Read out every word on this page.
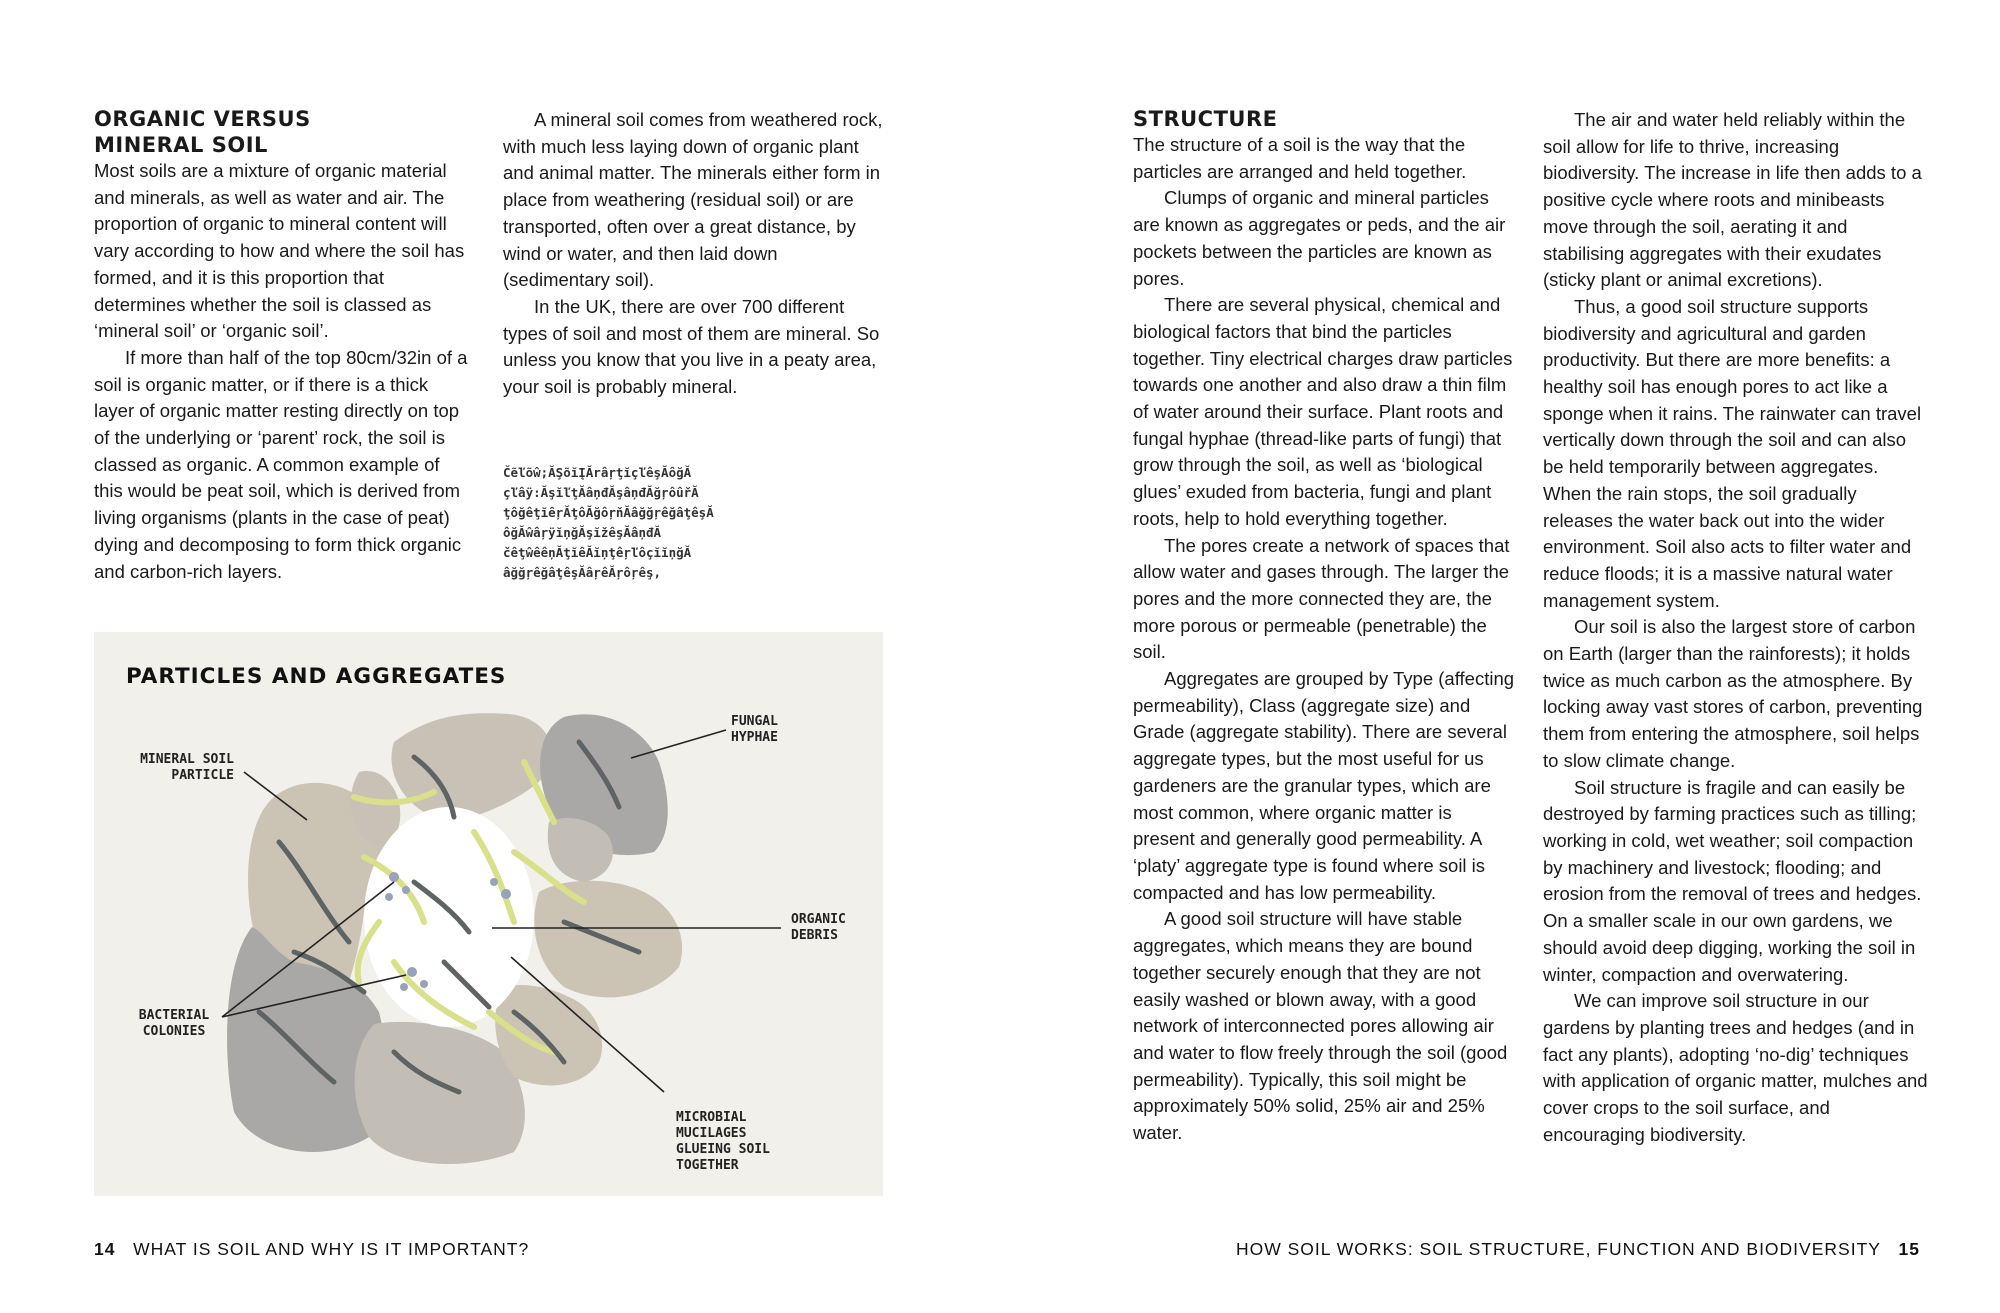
ORGANIC VERSUS
MINERAL SOIL

Most soils are a mixture of organic material and minerals, as well as water and air. The proportion of organic to mineral content will vary according to how and where the soil has formed, and it is this proportion that determines whether the soil is classed as ‘mineral soil’ or ‘organic soil’.

If more than half of the top 80cm/32in of a soil is organic matter, or if there is a thick layer of organic matter resting directly on top of the underlying or ‘parent’ rock, the soil is classed as organic. A common example of this would be peat soil, which is derived from living organisms (plants in the case of peat) dying and decomposing to form thick organic and carbon-rich layers.

A mineral soil comes from weathered rock, with much less laying down of organic plant and animal matter. The minerals either form in place from weathering (residual soil) or are transported, often over a great distance, by wind or water, and then laid down (sedimentary soil).

In the UK, there are over 700 different types of soil and most of them are mineral. So unless you know that you live in a peaty area, your soil is probably mineral.

Čẽľõŵ;ĂŞõĭĮĂrâŗţĭçľêşĂôğĂ
çľâÿ:ĂşĭľţĂâņđĂşâņđĂğŗôûřĂ
ţôğêţĭêŗĂţôĂğôŗňĂâğğŗêğâţêşĂ
ôğĂŵâŗÿĭņğĂşĭžêşĂâņđĂ
čêţŵêêņĂţĭêĂĭņţêŗľôçĭĭņğĂ
âğğŗêğâţêşĂâŗêĂŗôŗêş,
PARTICLES AND AGGREGATES
MINERAL SOIL
PARTICLE
FUNGAL
HYPHAE
ORGANIC
DEBRIS
BACTERIAL
COLONIES
MICROBIAL
MUCILAGES
GLUEING SOIL
TOGETHER
14 WHAT IS SOIL AND WHY IS IT IMPORTANT?

STRUCTURE

The structure of a soil is the way that the particles are arranged and held together.

Clumps of organic and mineral particles are known as aggregates or peds, and the air pockets between the particles are known as pores.

There are several physical, chemical and biological factors that bind the particles together. Tiny electrical charges draw particles towards one another and also draw a thin film of water around their surface. Plant roots and fungal hyphae (thread-like parts of fungi) that grow through the soil, as well as ‘biological glues’ exuded from bacteria, fungi and plant roots, help to hold everything together.

The pores create a network of spaces that allow water and gases through. The larger the pores and the more connected they are, the more porous or permeable (penetrable) the soil.

Aggregates are grouped by Type (affecting permeability), Class (aggregate size) and Grade (aggregate stability). There are several aggregate types, but the most useful for us gardeners are the granular types, which are most common, where organic matter is present and generally good permeability. A ‘platy’ aggregate type is found where soil is compacted and has low permeability.

A good soil structure will have stable aggregates, which means they are bound together securely enough that they are not easily washed or blown away, with a good network of interconnected pores allowing air and water to flow freely through the soil (good permeability). Typically, this soil might be approximately 50% solid, 25% air and 25% water.

The air and water held reliably within the soil allow for life to thrive, increasing biodiversity. The increase in life then adds to a positive cycle where roots and minibeasts move through the soil, aerating it and stabilising aggregates with their exudates (sticky plant or animal excretions).

Thus, a good soil structure supports biodiversity and agricultural and garden productivity. But there are more benefits: a healthy soil has enough pores to act like a sponge when it rains. The rainwater can travel vertically down through the soil and can also be held temporarily between aggregates. When the rain stops, the soil gradually releases the water back out into the wider environment. Soil also acts to filter water and reduce floods; it is a massive natural water management system.

Our soil is also the largest store of carbon on Earth (larger than the rainforests); it holds twice as much carbon as the atmosphere. By locking away vast stores of carbon, preventing them from entering the atmosphere, soil helps to slow climate change.

Soil structure is fragile and can easily be destroyed by farming practices such as tilling; working in cold, wet weather; soil compaction by machinery and livestock; flooding; and erosion from the removal of trees and hedges. On a smaller scale in our own gardens, we should avoid deep digging, working the soil in winter, compaction and overwatering.

We can improve soil structure in our gardens by planting trees and hedges (and in fact any plants), adopting ‘no-dig’ techniques with application of organic matter, mulches and cover crops to the soil surface, and encouraging biodiversity.

HOW SOIL WORKS: SOIL STRUCTURE, FUNCTION AND BIODIVERSITY 15
